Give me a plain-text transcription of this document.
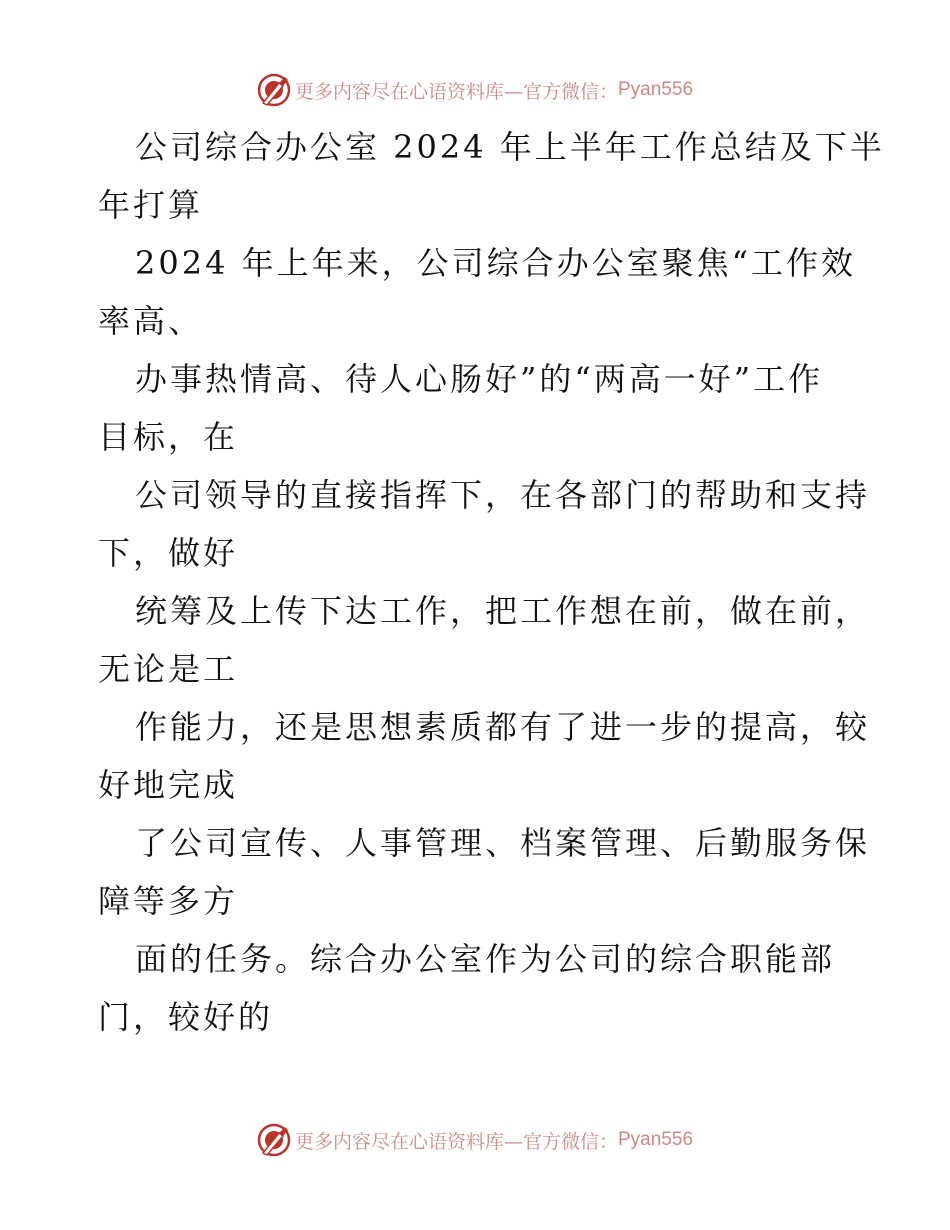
更多内容尽在心语资料库—官方微信： Pyan556
公司综合办公室 2024 年上半年工作总结及下半
年打算
2024 年上年来，公司综合办公室聚焦“工作效
率高、
办事热情高、待人心肠好”的“两高一好”工作
目标，在
公司领导的直接指挥下，在各部门的帮助和支持
下，做好
统筹及上传下达工作，把工作想在前，做在前，
无论是工
作能力，还是思想素质都有了进一步的提高，较
好地完成
了公司宣传、人事管理、档案管理、后勤服务保
障等多方
面的任务。综合办公室作为公司的综合职能部
门，较好的
更多内容尽在心语资料库—官方微信： Pyan556
